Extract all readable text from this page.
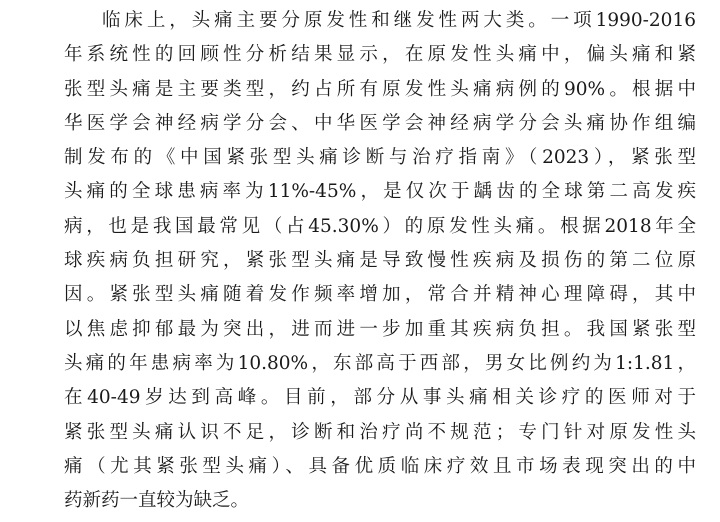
临床上，头痛主要分原发性和继发性两大类。一项1990-2016
年系统性的回顾性分析结果显示，在原发性头痛中，偏头痛和紧
张型头痛是主要类型，约占所有原发性头痛病例的90%。根据中
华医学会神经病学分会、中华医学会神经病学分会头痛协作组编
制发布的《中国紧张型头痛诊断与治疗指南》（2023），紧张型
头痛的全球患病率为11%-45%，是仅次于龋齿的全球第二高发疾
病，也是我国最常见（占45.30%）的原发性头痛。根据2018年全
球疾病负担研究，紧张型头痛是导致慢性疾病及损伤的第二位原
因。紧张型头痛随着发作频率增加，常合并精神心理障碍，其中
以焦虑抑郁最为突出，进而进一步加重其疾病负担。我国紧张型
头痛的年患病率为10.80%，东部高于西部，男女比例约为1:1.81，
在40-49岁达到高峰。目前，部分从事头痛相关诊疗的医师对于
紧张型头痛认识不足，诊断和治疗尚不规范；专门针对原发性头
痛（尤其紧张型头痛）、具备优质临床疗效且市场表现突出的中
药新药一直较为缺乏。
